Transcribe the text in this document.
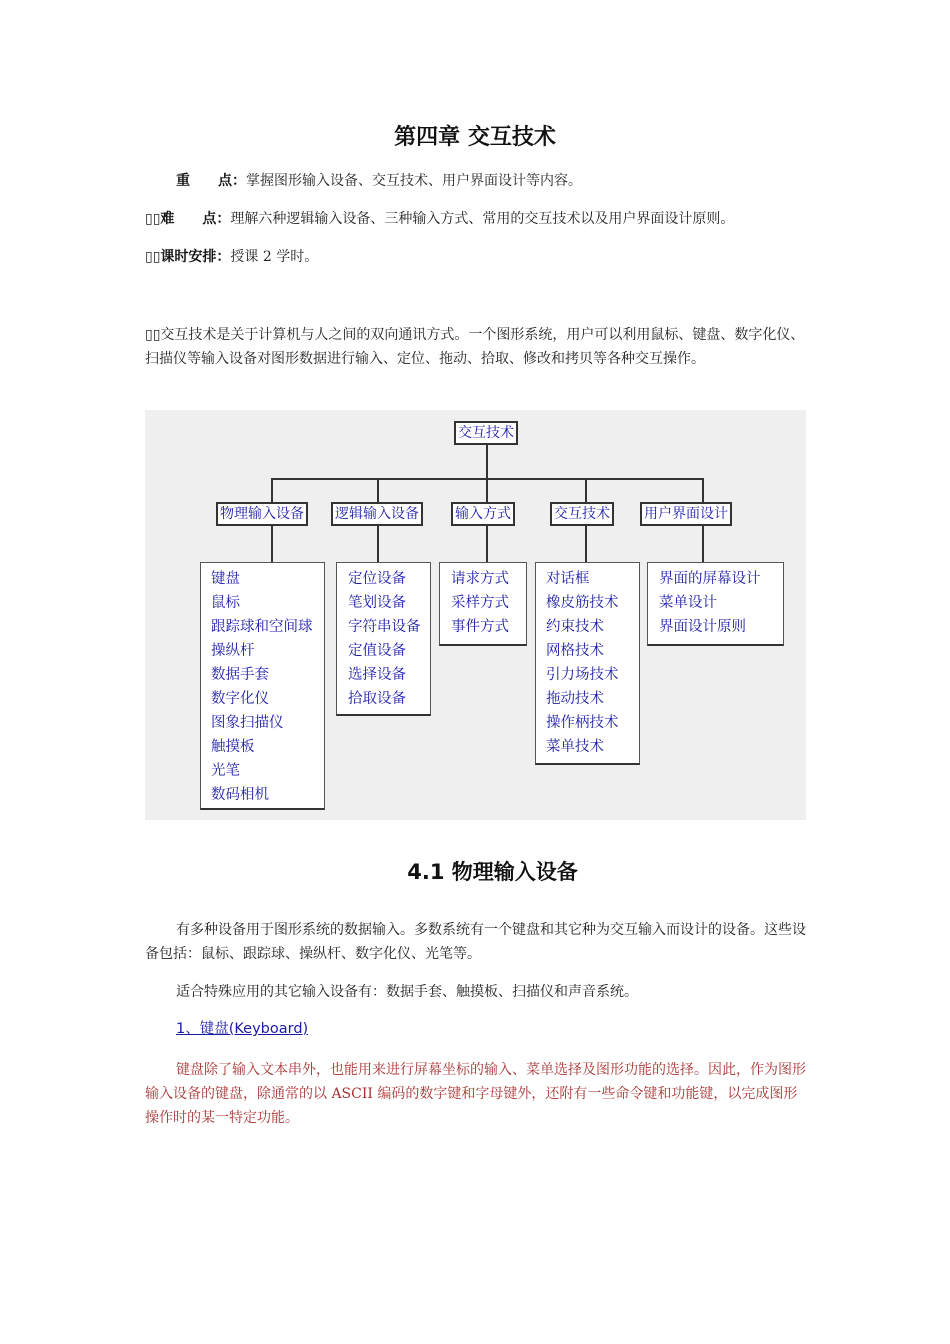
第四章 交互技术
重　　点：掌握图形输入设备、交互技术、用户界面设计等内容。
▯▯难　　点：理解六种逻辑输入设备、三种输入方式、常用的交互技术以及用户界面设计原则。
▯▯课时安排：授课 2 学时。
▯▯交互技术是关于计算机与人之间的双向通讯方式。一个图形系统，用户可以利用鼠标、键盘、数字化仪、扫描仪等输入设备对图形数据进行输入、定位、拖动、拾取、修改和拷贝等各种交互操作。
交互技术
物理输入设备 逻辑输入设备	输入方式	交互技术 用户界面设计
键盘
鼠标
跟踪球和空间球
操纵杆
数据手套
数字化仪
图象扫描仪
触摸板
光笔
数码相机
定位设备
笔划设备
字符串设备
定值设备
选择设备
拾取设备
请求方式
采样方式
事件方式
对话框
橡皮筋技术
约束技术
网格技术
引力场技术
拖动技术
操作柄技术
菜单技术
界面的屏幕设计
菜单设计
界面设计原则
4.1 物理输入设备
有多种设备用于图形系统的数据输入。多数系统有一个键盘和其它种为交互输入而设计的设备。这些设备包括：鼠标、跟踪球、操纵杆、数字化仪、光笔等。
适合特殊应用的其它输入设备有：数据手套、触摸板、扫描仪和声音系统。
1、键盘(Keyboard)
键盘除了输入文本串外，也能用来进行屏幕坐标的输入、菜单选择及图形功能的选择。因此，作为图形输入设备的键盘，除通常的以 ASCII 编码的数字键和字母键外，还附有一些命令键和功能键，以完成图形操作时的某一特定功能。
